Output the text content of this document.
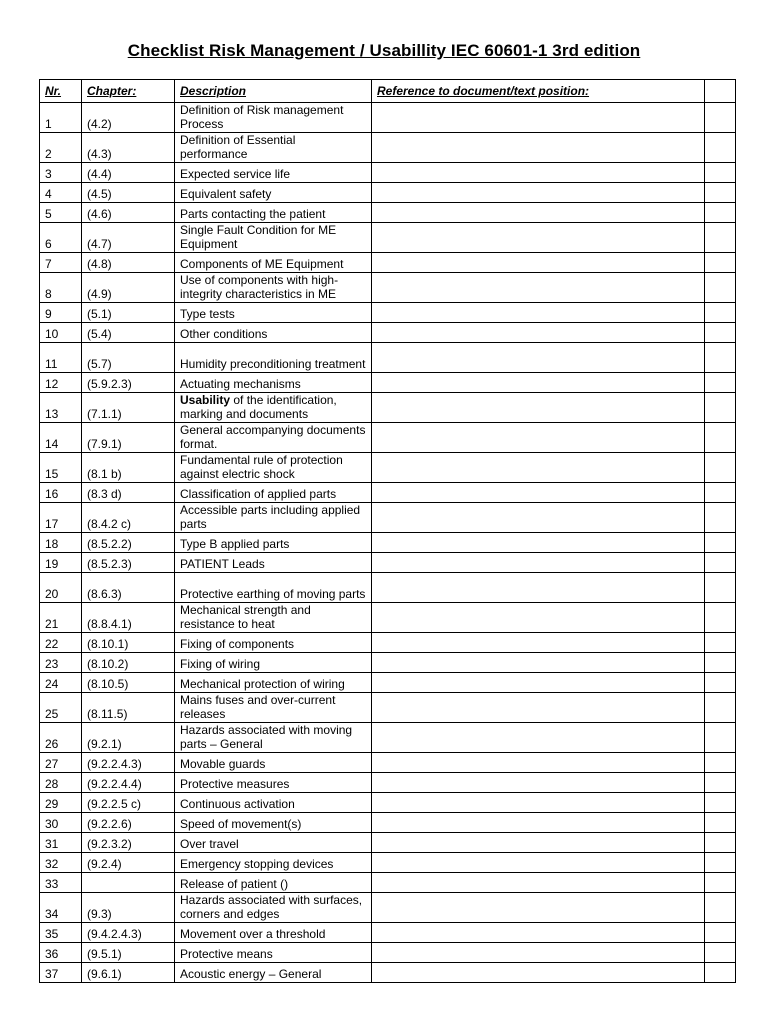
Checklist Risk Management / Usabillity IEC 60601-1 3rd edition
Nr.	Chapter:	Description	Reference to document/text position:	
1	(4.2)	Definition of Risk management Process		
2	(4.3)	Definition of Essential performance		
3	(4.4)	Expected service life		
4	(4.5)	Equivalent safety		
5	(4.6)	Parts contacting the patient		
6	(4.7)	Single Fault Condition for ME Equipment		
7	(4.8)	Components of ME Equipment		
8	(4.9)	Use of components with high-integrity characteristics in ME		
9	(5.1)	Type tests		
10	(5.4)	Other conditions		
11	(5.7)	Humidity preconditioning treatment		
12	(5.9.2.3)	Actuating mechanisms		
13	(7.1.1)	Usability of the identification, marking and documents		
14	(7.9.1)	General accompanying documents format.		
15	(8.1 b)	Fundamental rule of protection against electric shock		
16	(8.3 d)	Classification of applied parts		
17	(8.4.2 c)	Accessible parts including applied parts		
18	(8.5.2.2)	Type B applied parts		
19	(8.5.2.3)	PATIENT Leads		
20	(8.6.3)	Protective earthing of moving parts		
21	(8.8.4.1)	Mechanical strength and resistance to heat		
22	(8.10.1)	Fixing of components		
23	(8.10.2)	Fixing of wiring		
24	(8.10.5)	Mechanical protection of wiring		
25	(8.11.5)	Mains fuses and over-current releases		
26	(9.2.1)	Hazards associated with moving parts – General		
27	(9.2.2.4.3)	Movable guards		
28	(9.2.2.4.4)	Protective measures		
29	(9.2.2.5 c)	Continuous activation		
30	(9.2.2.6)	Speed of movement(s)		
31	(9.2.3.2)	Over travel		
32	(9.2.4)	Emergency stopping devices		
33		Release of patient ()		
34	(9.3)	Hazards associated with surfaces, corners and edges		
35	(9.4.2.4.3)	Movement over a threshold		
36	(9.5.1)	Protective means		
37	(9.6.1)	Acoustic energy – General		
